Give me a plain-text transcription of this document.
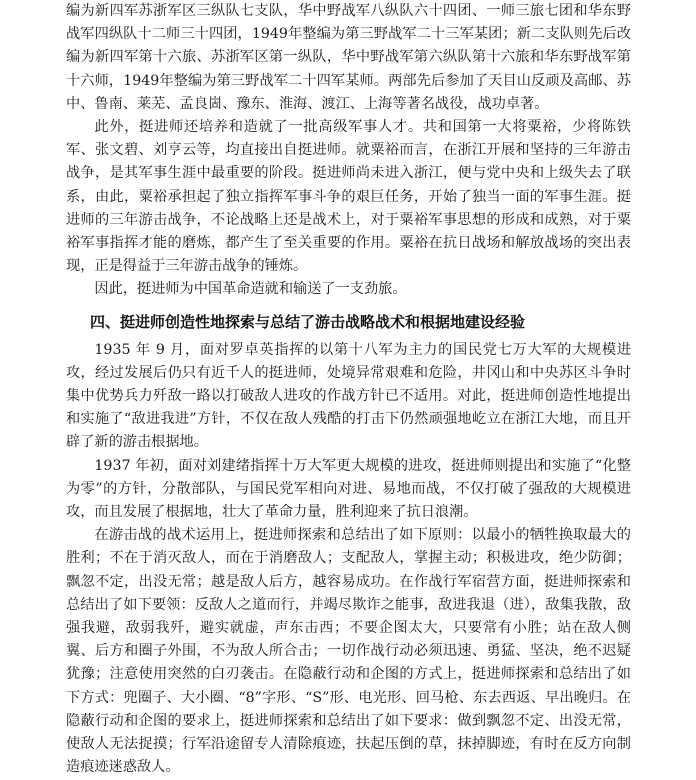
编为新四军苏浙军区三纵队七支队，华中野战军八纵队六十四团、一师三旅七团和华东野战军四纵队十二师三十四团，1949年整编为第三野战军二十三军某团；新二支队则先后改编为新四军第十六旅、苏浙军区第一纵队，华中野战军第六纵队第十六旅和华东野战军第十六师，1949年整编为第三野战军二十四军某师。两部先后参加了天目山反顽及高邮、苏中、鲁南、莱芜、孟良崮、豫东、淮海、渡江、上海等著名战役，战功卓著。

此外，挺进师还培养和造就了一批高级军事人才。共和国第一大将粟裕，少将陈铁军、张文碧、刘亨云等，均直接出自挺进师。就粟裕而言，在浙江开展和坚持的三年游击战争，是其军事生涯中最重要的阶段。挺进师尚未进入浙江，便与党中央和上级失去了联系，由此，粟裕承担起了独立指挥军事斗争的艰巨任务，开始了独当一面的军事生涯。挺进师的三年游击战争，不论战略上还是战术上，对于粟裕军事思想的形成和成熟，对于粟裕军事指挥才能的磨炼，都产生了至关重要的作用。粟裕在抗日战场和解放战场的突出表现，正是得益于三年游击战争的锤炼。

因此，挺进师为中国革命造就和输送了一支劲旅。

四、挺进师创造性地探索与总结了游击战略战术和根据地建设经验

1935 年 9 月，面对罗卓英指挥的以第十八军为主力的国民党七万大军的大规模进攻，经过发展后仍只有近千人的挺进师，处境异常艰难和危险，井冈山和中央苏区斗争时集中优势兵力歼敌一路以打破敌人进攻的作战方针已不适用。对此，挺进师创造性地提出和实施了“敌进我进”方针，不仅在敌人残酷的打击下仍然顽强地屹立在浙江大地，而且开辟了新的游击根据地。

1937 年初，面对刘建绪指挥十万大军更大规模的进攻，挺进师则提出和实施了“化整为零”的方针，分散部队，与国民党军相向对进、易地而战，不仅打破了强敌的大规模进攻，而且发展了根据地，壮大了革命力量，胜利迎来了抗日浪潮。

在游击战的战术运用上，挺进师探索和总结出了如下原则：以最小的牺牲换取最大的胜利；不在于消灭敌人，而在于消磨敌人；支配敌人，掌握主动；积极进攻，绝少防御；飘忽不定，出没无常；越是敌人后方，越容易成功。在作战行军宿营方面，挺进师探索和总结出了如下要领：反敌人之道而行，并竭尽欺诈之能事，敌进我退（进），敌集我散，敌强我避，敌弱我歼，避实就虚，声东击西；不要企图太大，只要常有小胜；站在敌人侧翼、后方和圈子外围，不为敌人所合击；一切作战行动必须迅速、勇猛、坚决，绝不迟疑犹豫；注意使用突然的白刃袭击。在隐蔽行动和企图的方式上，挺进师探索和总结出了如下方式：兜圈子、大小圈、“8”字形、“S”形、电光形、回马枪、东去西返、早出晚归。在隐蔽行动和企图的要求上，挺进师探索和总结出了如下要求：做到飘忽不定、出没无常，使敌人无法捉摸；行军沿途留专人清除痕迹，扶起压倒的草，抹掉脚迹，有时在反方向制造痕迹迷惑敌人。
